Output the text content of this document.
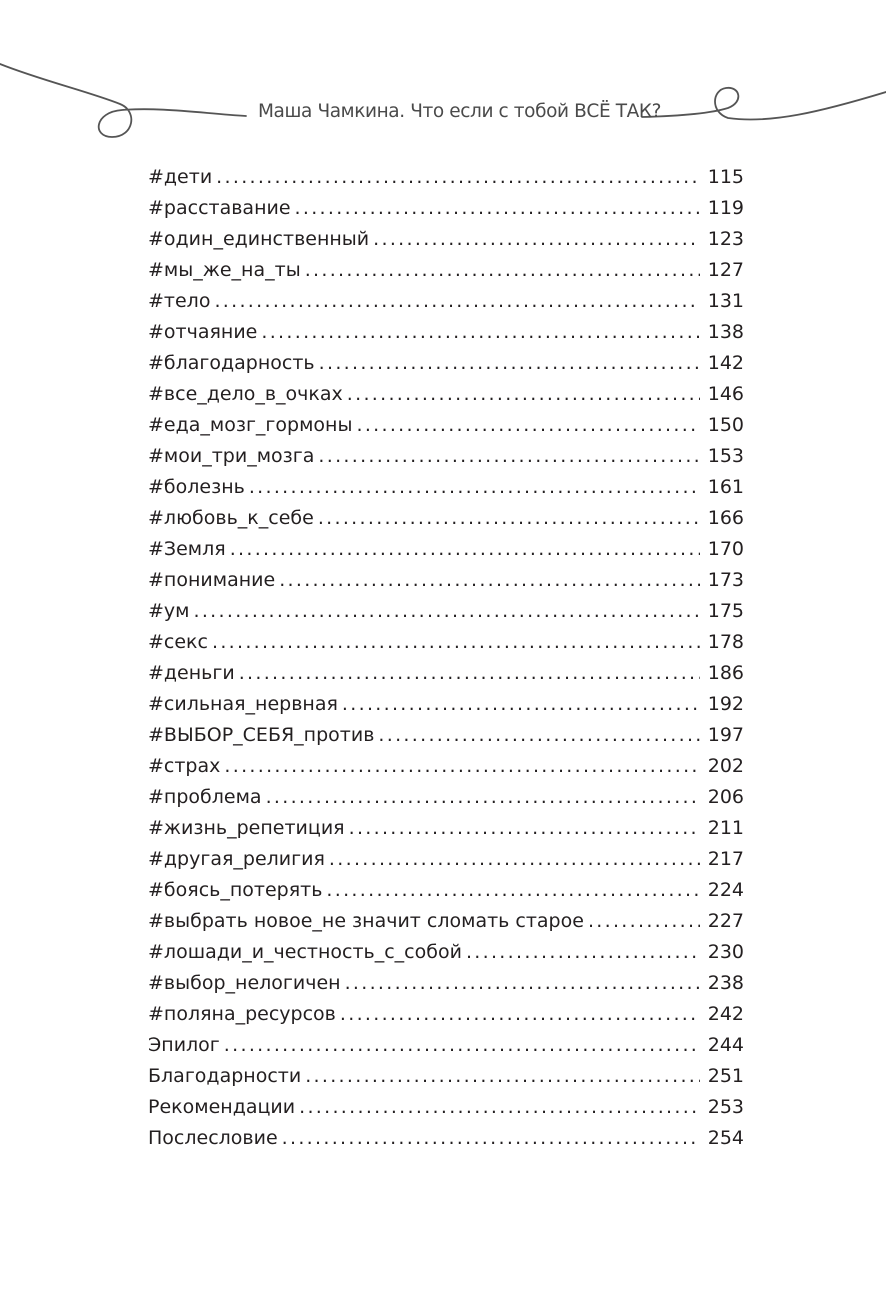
Маша Чамкина. Что если с тобой ВСЁ ТАК?
#дети .....	115
#расставание .....	119
#один_единственный .....	123
#мы_же_на_ты .....	127
#тело .....	131
#отчаяние .....	138
#благодарность .....	142
#все_дело_в_очках .....	146
#еда_мозг_гормоны .....	150
#мои_три_мозга .....	153
#болезнь .....	161
#любовь_к_себе .....	166
#Земля .....	170
#понимание .....	173
#ум .....	175
#секс .....	178
#деньги .....	186
#сильная_нервная .....	192
#ВЫБОР_СЕБЯ_против .....	197
#страх .....	202
#проблема .....	206
#жизнь_репетиция .....	211
#другая_религия .....	217
#боясь_потерять .....	224
#выбрать новое_не значит сломать старое .....	227
#лошади_и_честность_с_собой .....	230
#выбор_нелогичен .....	238
#поляна_ресурсов .....	242
Эпилог .....	244
Благодарности .....	251
Рекомендации .....	253
Послесловие .....	254
